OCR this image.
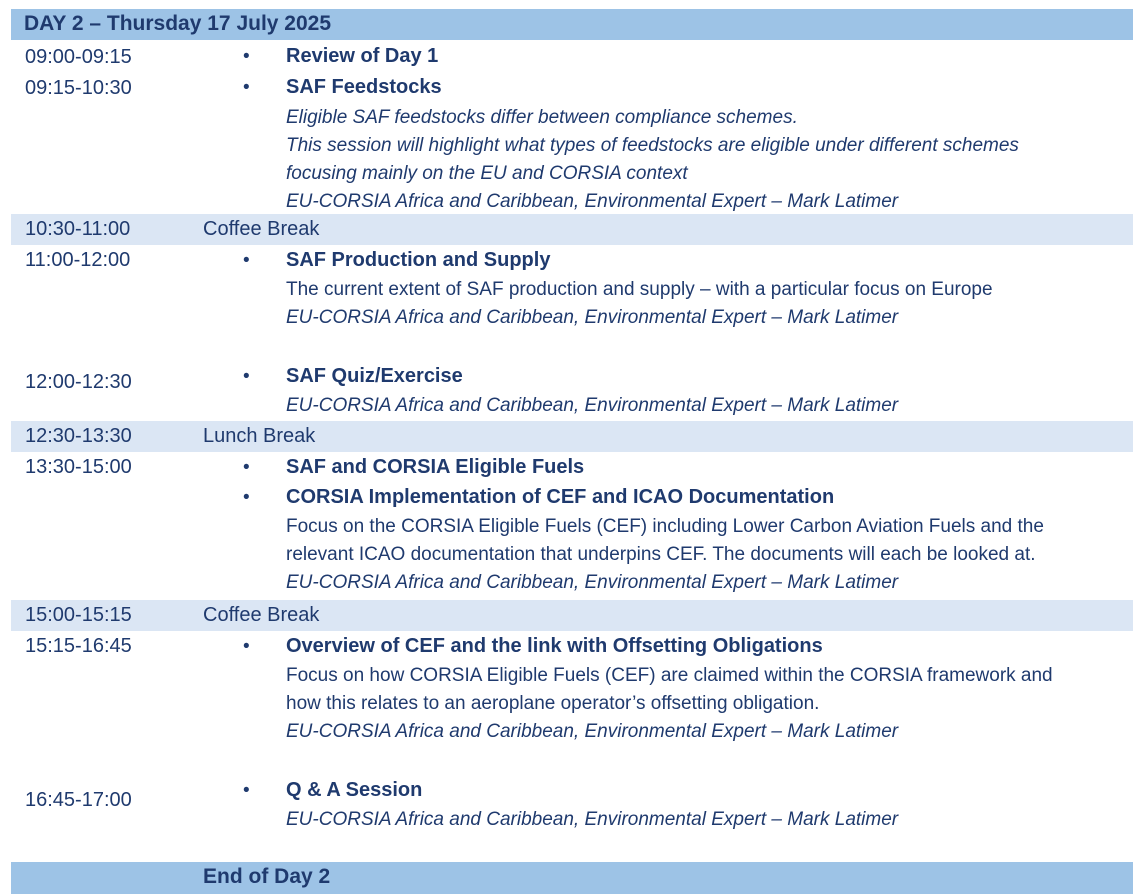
DAY 2 – Thursday 17 July 2025
09:00-09:15	• Review of Day 1
09:15-10:30	• SAF Feedstocks
Eligible SAF feedstocks differ between compliance schemes.
This session will highlight what types of feedstocks are eligible under different schemes
focusing mainly on the EU and CORSIA context
EU-CORSIA Africa and Caribbean, Environmental Expert – Mark Latimer
10:30-11:00	Coffee Break
11:00-12:00	• SAF Production and Supply
The current extent of SAF production and supply – with a particular focus on Europe
EU-CORSIA Africa and Caribbean, Environmental Expert – Mark Latimer
12:00-12:30	• SAF Quiz/Exercise
EU-CORSIA Africa and Caribbean, Environmental Expert – Mark Latimer
12:30-13:30	Lunch Break
13:30-15:00	• SAF and CORSIA Eligible Fuels
• CORSIA Implementation of CEF and ICAO Documentation
Focus on the CORSIA Eligible Fuels (CEF) including Lower Carbon Aviation Fuels and the
relevant ICAO documentation that underpins CEF. The documents will each be looked at.
EU-CORSIA Africa and Caribbean, Environmental Expert – Mark Latimer
15:00-15:15	Coffee Break
15:15-16:45	• Overview of CEF and the link with Offsetting Obligations
Focus on how CORSIA Eligible Fuels (CEF) are claimed within the CORSIA framework and
how this relates to an aeroplane operator’s offsetting obligation.
EU-CORSIA Africa and Caribbean, Environmental Expert – Mark Latimer
16:45-17:00	• Q & A Session
EU-CORSIA Africa and Caribbean, Environmental Expert – Mark Latimer
End of Day 2
